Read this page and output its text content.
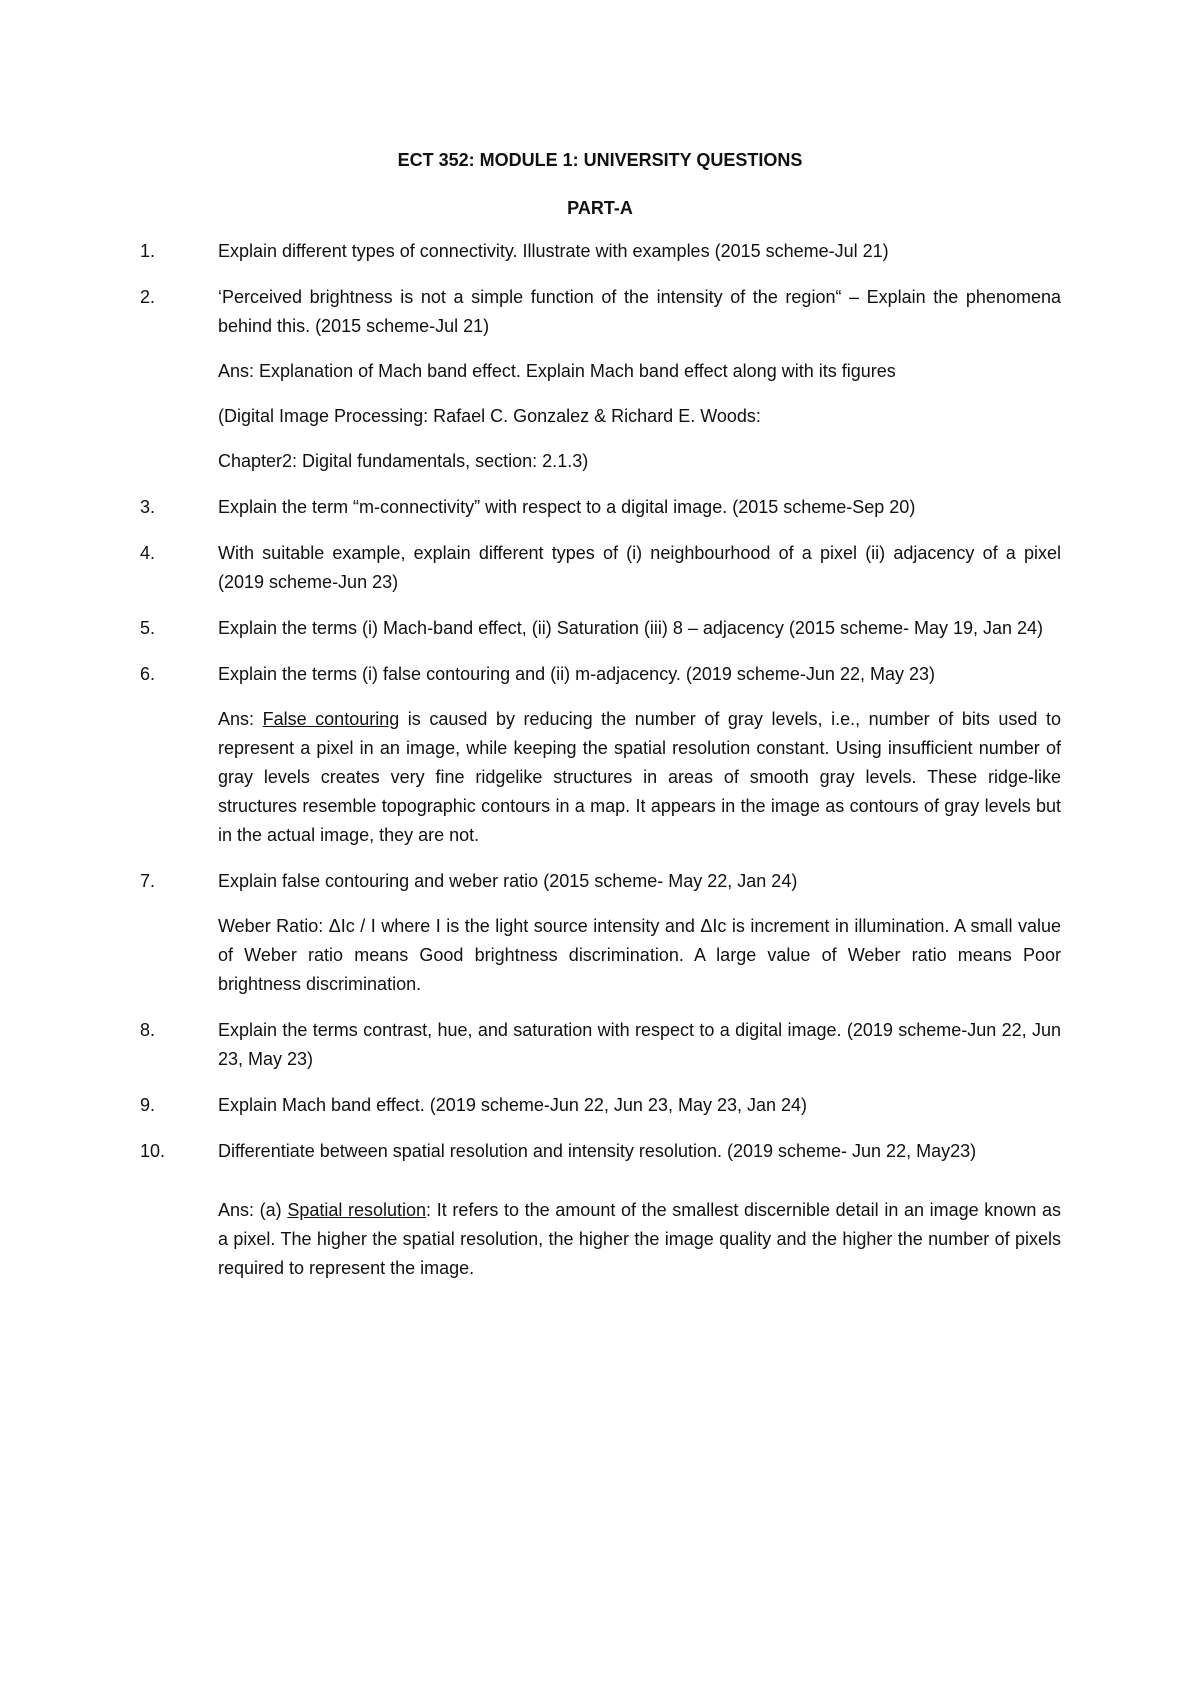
ECT 352: MODULE 1: UNIVERSITY QUESTIONS
PART-A
1.	Explain different types of connectivity. Illustrate with examples (2015 scheme-Jul 21)
2.	‘Perceived brightness is not a simple function of the intensity of the region“ – Explain the phenomena behind this. (2015 scheme-Jul 21)
Ans: Explanation of Mach band effect. Explain Mach band effect along with its figures
(Digital Image Processing: Rafael C. Gonzalez & Richard E. Woods:
Chapter2: Digital fundamentals, section: 2.1.3)
3.	Explain the term “m-connectivity” with respect to a digital image. (2015 scheme-Sep 20)
4.	With suitable example, explain different types of (i) neighbourhood of a pixel (ii) adjacency of a pixel (2019 scheme-Jun 23)
5.	Explain the terms (i) Mach-band effect, (ii) Saturation (iii) 8 – adjacency (2015 scheme- May 19, Jan 24)
6.	Explain the terms (i) false contouring and (ii) m-adjacency. (2019 scheme-Jun 22, May 23)
Ans: False contouring is caused by reducing the number of gray levels, i.e., number of bits used to represent a pixel in an image, while keeping the spatial resolution constant. Using insufficient number of gray levels creates very fine ridgelike structures in areas of smooth gray levels. These ridge-like structures resemble topographic contours in a map. It appears in the image as contours of gray levels but in the actual image, they are not.
7.	Explain false contouring and weber ratio (2015 scheme- May 22, Jan 24)
Weber Ratio: ΔIc / I where I is the light source intensity and ΔIc is increment in illumination. A small value of Weber ratio means Good brightness discrimination. A large value of Weber ratio means Poor brightness discrimination.
8.	Explain the terms contrast, hue, and saturation with respect to a digital image. (2019 scheme-Jun 22, Jun 23, May 23)
9.	Explain Mach band effect. (2019 scheme-Jun 22, Jun 23, May 23, Jan 24)
10.	Differentiate between spatial resolution and intensity resolution. (2019 scheme- Jun 22, May23)
Ans: (a) Spatial resolution: It refers to the amount of the smallest discernible detail in an image known as a pixel. The higher the spatial resolution, the higher the image quality and the higher the number of pixels required to represent the image.
